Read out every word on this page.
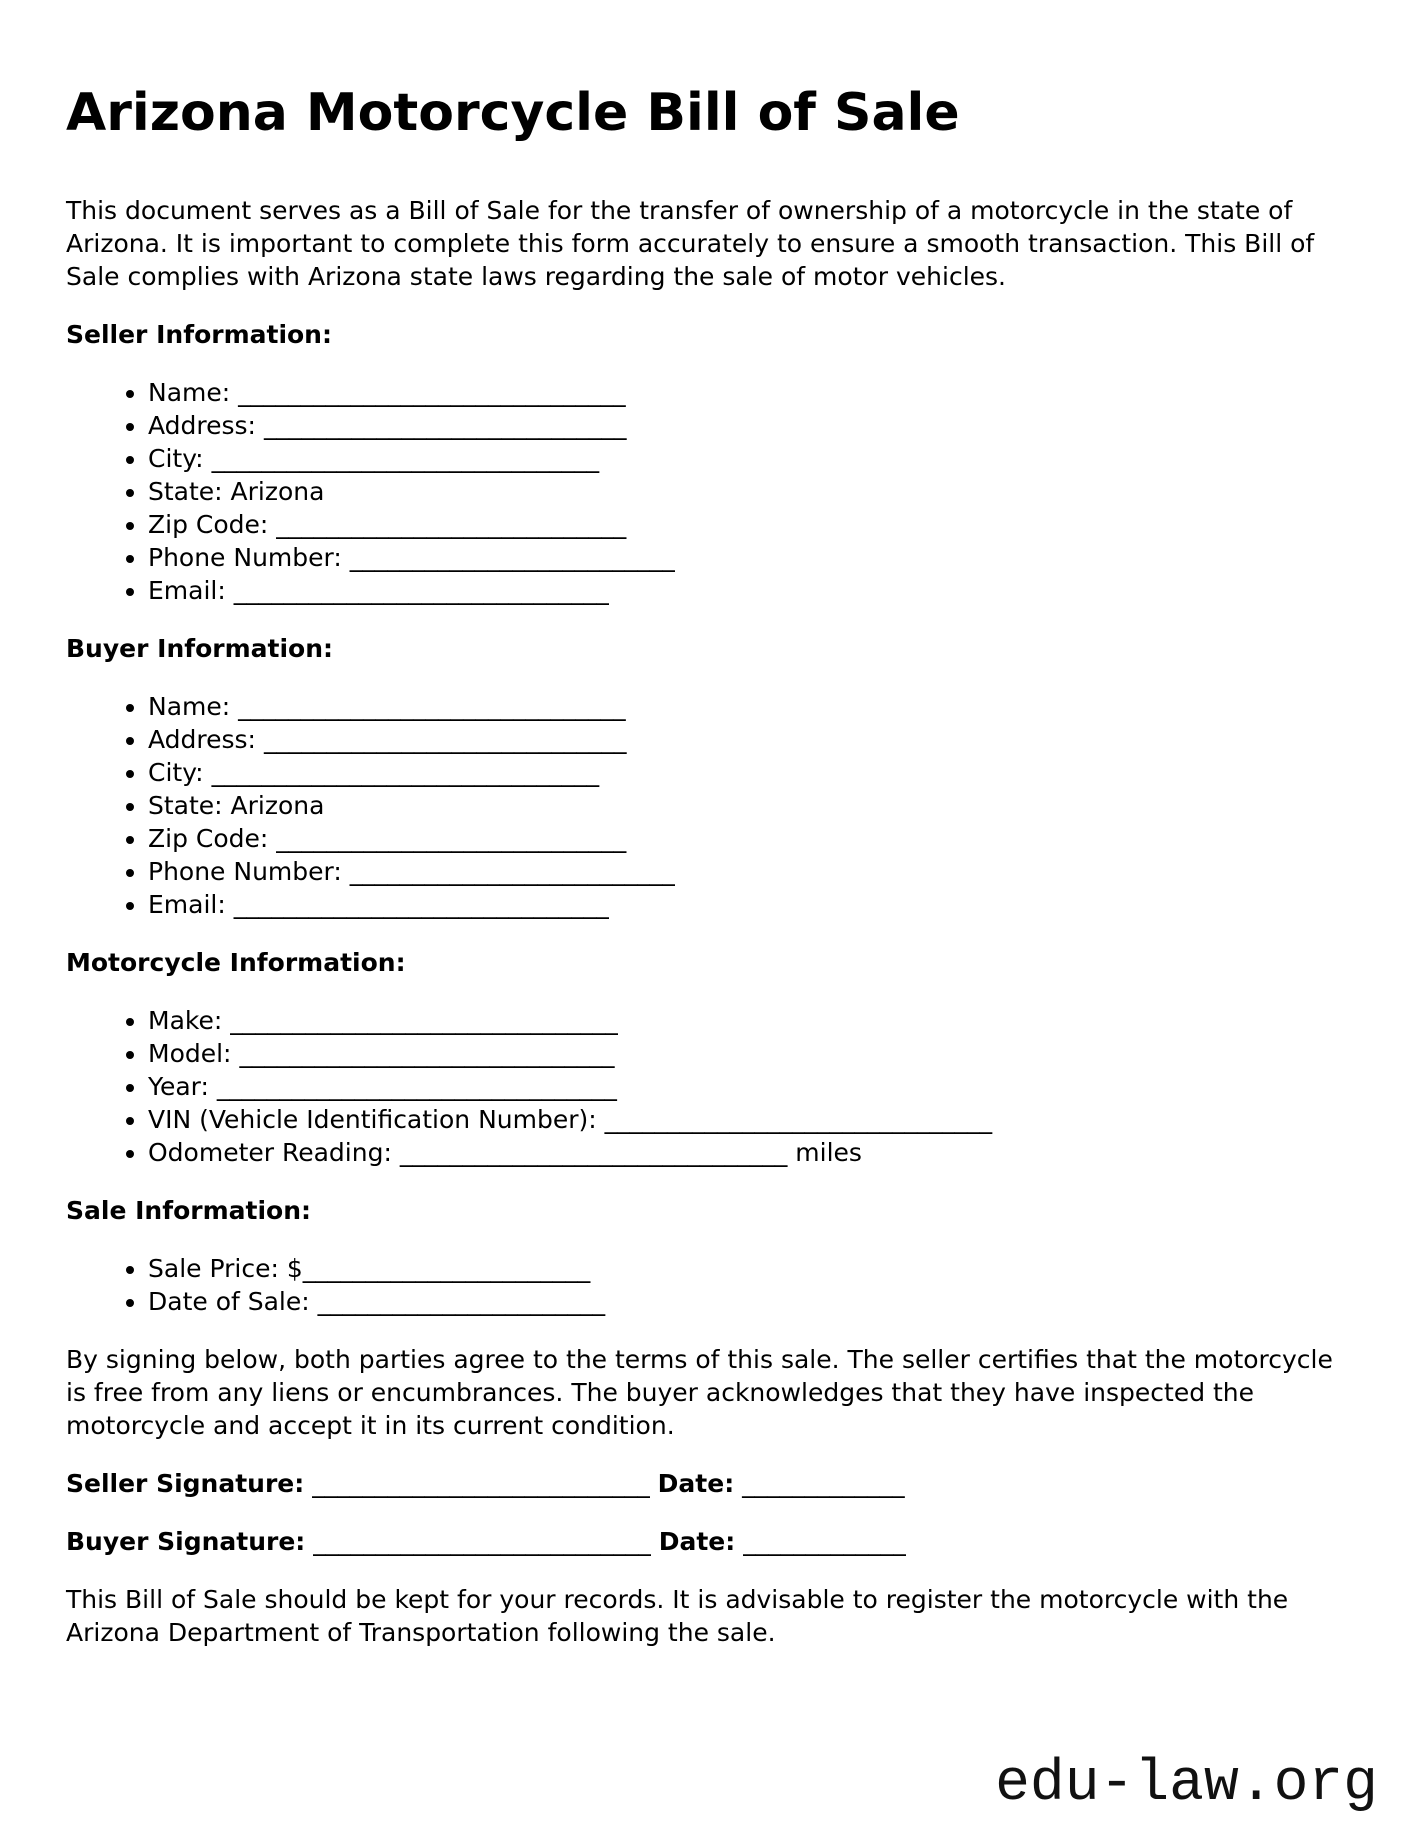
Arizona Motorcycle Bill of Sale

This document serves as a Bill of Sale for the transfer of ownership of a motorcycle in the state of Arizona. It is important to complete this form accurately to ensure a smooth transaction. This Bill of Sale complies with Arizona state laws regarding the sale of motor vehicles.

Seller Information:

• Name: _______________________________
• Address: _____________________________
• City: _______________________________
• State: Arizona
• Zip Code: ____________________________
• Phone Number: __________________________
• Email: ______________________________

Buyer Information:

• Name: _______________________________
• Address: _____________________________
• City: _______________________________
• State: Arizona
• Zip Code: ____________________________
• Phone Number: __________________________
• Email: ______________________________

Motorcycle Information:

• Make: _______________________________
• Model: ______________________________
• Year: ________________________________
• VIN (Vehicle Identification Number): _______________________________
• Odometer Reading: _______________________________ miles

Sale Information:

• Sale Price: $_______________________
• Date of Sale: _______________________

By signing below, both parties agree to the terms of this sale. The seller certifies that the motorcycle is free from any liens or encumbrances. The buyer acknowledges that they have inspected the motorcycle and accept it in its current condition.

Seller Signature: ___________________________ Date: _____________

Buyer Signature: ___________________________ Date: _____________

This Bill of Sale should be kept for your records. It is advisable to register the motorcycle with the Arizona Department of Transportation following the sale.

edu-law.org
